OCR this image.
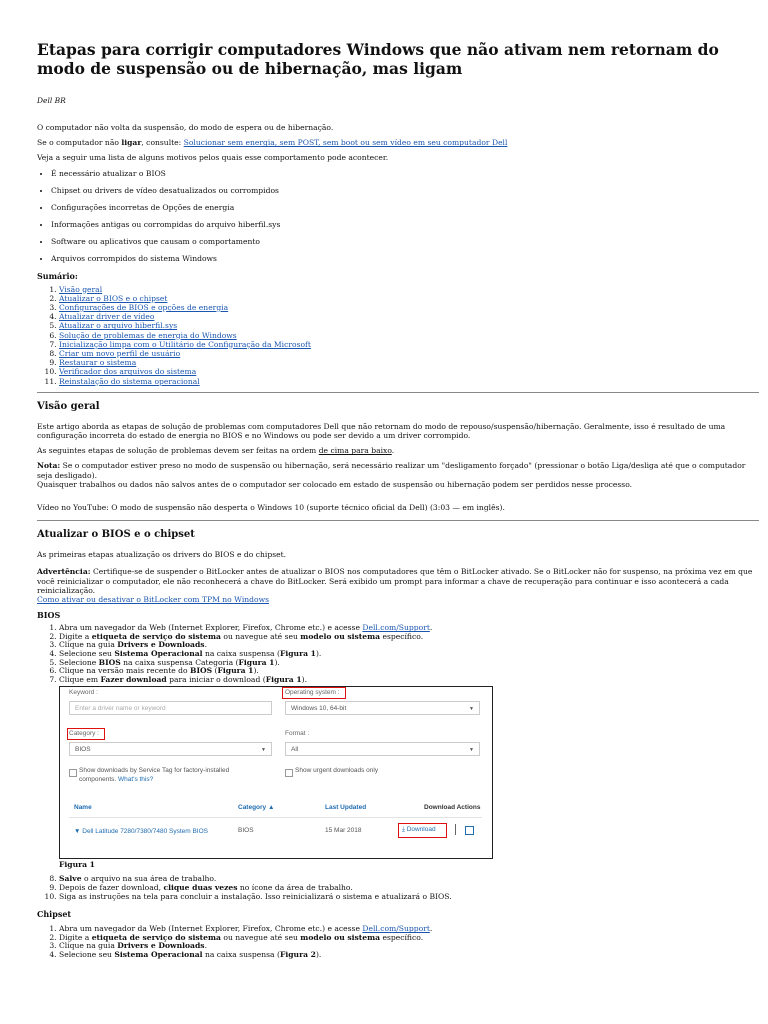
Etapas para corrigir computadores Windows que não ativam nem retornam do modo de suspensão ou de hibernação, mas ligam
Dell BR

O computador não volta da suspensão, do modo de espera ou de hibernação.

Se o computador não ligar, consulte: Solucionar sem energia, sem POST, sem boot ou sem vídeo em seu computador Dell

Veja a seguir uma lista de alguns motivos pelos quais esse comportamento pode acontecer.

• É necessário atualizar o BIOS
• Chipset ou drivers de vídeo desatualizados ou corrompidos
• Configurações incorretas de Opções de energia
• Informações antigas ou corrompidas do arquivo hiberfil.sys
• Software ou aplicativos que causam o comportamento
• Arquivos corrompidos do sistema Windows
Sumário:
1. Visão geral
2. Atualizar o BIOS e o chipset
3. Configurações de BIOS e opções de energia
4. Atualizar driver de vídeo
5. Atualizar o arquivo hiberfil.sys
6. Solução de problemas de energia do Windows
7. Inicialização limpa com o Utilitário de Configuração da Microsoft
8. Criar um novo perfil de usuário
9. Restaurar o sistema
10. Verificador dos arquivos do sistema
11. Reinstalação do sistema operacional
Visão geral

Este artigo aborda as etapas de solução de problemas com computadores Dell que não retornam do modo de repouso/suspensão/hibernação. Geralmente, isso é resultado de uma configuração incorreta do estado de energia no BIOS e no Windows ou pode ser devido a um driver corrompido.

As seguintes etapas de solução de problemas devem ser feitas na ordem de cima para baixo.

Nota: Se o computador estiver preso no modo de suspensão ou hibernação, será necessário realizar um "desligamento forçado" (pressionar o botão Liga/desliga até que o computador seja desligado).

Quaisquer trabalhos ou dados não salvos antes de o computador ser colocado em estado de suspensão ou hibernação podem ser perdidos nesse processo.

Vídeo no YouTube: O modo de suspensão não desperta o Windows 10 (suporte técnico oficial da Dell) (3:03 — em inglês).

Atualizar o BIOS e o chipset

As primeiras etapas atualização os drivers do BIOS e do chipset.

Advertência: Certifique-se de suspender o BitLocker antes de atualizar o BIOS nos computadores que têm o BitLocker ativado. Se o BitLocker não for suspenso, na próxima vez em que você reinicializar o computador, ele não reconhecerá a chave do BitLocker. Será exibido um prompt para informar a chave de recuperação para continuar e isso acontecerá a cada reinicialização.

Como ativar ou desativar o BitLocker com TPM no Windows

BIOS
1. Abra um navegador da Web (Internet Explorer, Firefox, Chrome etc.) e acesse Dell.com/Support.
2. Digite a etiqueta de serviço do sistema ou navegue até seu modelo ou sistema específico.
3. Clique na guia Drivers e Downloads.
4. Selecione seu Sistema Operacional na caixa suspensa (Figura 1).
5. Selecione BIOS na caixa suspensa Categoria (Figura 1).
6. Clique na versão mais recente do BIOS (Figura 1).
7. Clique em Fazer download para iniciar o download (Figura 1).
Keyword :
Enter a driver name or keyword
Operating system :
Windows 10, 64-bit	▼
Category :
BIOS	▼
Format :
All	▼
Show downloads by Service Tag for factory-installed components. What's this?
Show urgent downloads only
Name	Category ▲	Last Updated	Download Actions
▼ Dell Latitude 7280/7380/7480 System BIOS	BIOS	15 Mar 2018	⤓ Download
Figura 1
8. Salve o arquivo na sua área de trabalho.
9. Depois de fazer download, clique duas vezes no ícone da área de trabalho.
10. Siga as instruções na tela para concluir a instalação. Isso reinicializará o sistema e atualizará o BIOS.
Chipset
1. Abra um navegador da Web (Internet Explorer, Firefox, Chrome etc.) e acesse Dell.com/Support.
2. Digite a etiqueta de serviço do sistema ou navegue até seu modelo ou sistema específico.
3. Clique na guia Drivers e Downloads.
4. Selecione seu Sistema Operacional na caixa suspensa (Figura 2).
